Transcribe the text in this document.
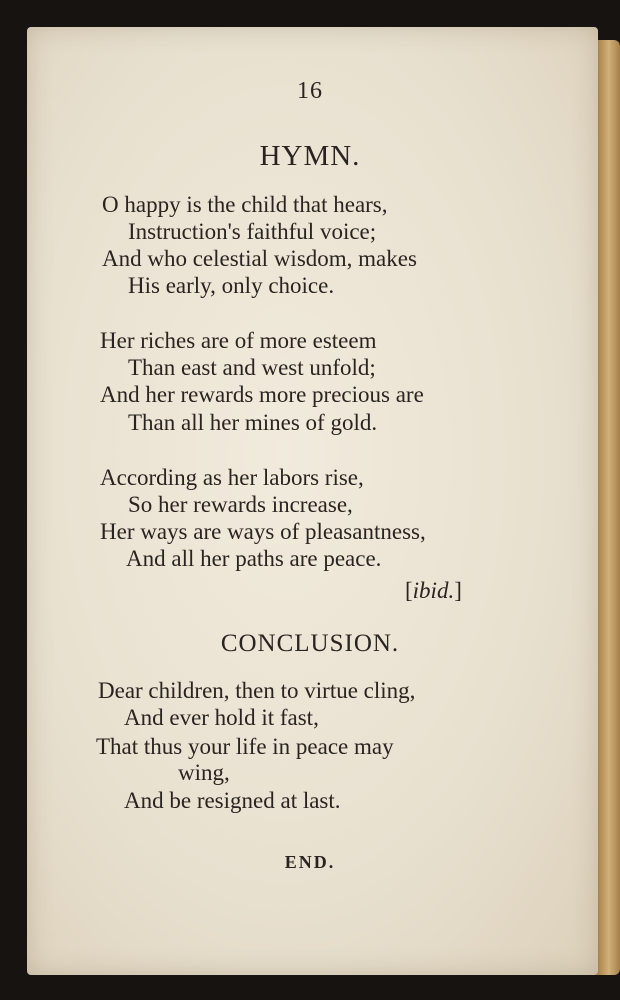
16
HYMN.
O happy is the child that hears,
Instruction's faithful voice;
And who celestial wisdom, makes
His early, only choice.
Her riches are of more esteem
Than east and west unfold;
And her rewards more precious are
Than all her mines of gold.
According as her labors rise,
So her rewards increase,
Her ways are ways of pleasantness,
And all her paths are peace.
[ibid.]
CONCLUSION.
Dear children, then to virtue cling,
And ever hold it fast,
That thus your life in peace may
wing,
And be resigned at last.
END.
